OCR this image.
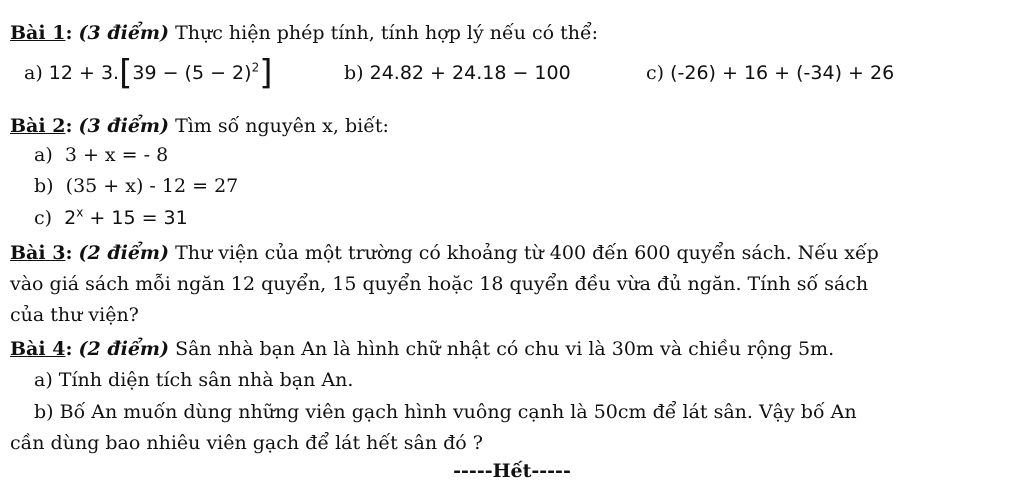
Bài 1: (3 điểm) Thực hiện phép tính, tính hợp lý nếu có thể:
a) $12 + 3.[39 - (5 - 2)^2]$	b) 24.82 + 24.18 − 100	c) (-26) + 16 + (-34) + 26
Bài 2: (3 điểm) Tìm số nguyên x, biết:
a) 3 + x = - 8
b) (35 + x) - 12 = 27
c) $2^x + 15 = 31$
Bài 3: (2 điểm) Thư viện của một trường có khoảng từ 400 đến 600 quyển sách. Nếu xếp
vào giá sách mỗi ngăn 12 quyển, 15 quyển hoặc 18 quyển đều vừa đủ ngăn. Tính số sách
của thư viện?
Bài 4: (2 điểm) Sân nhà bạn An là hình chữ nhật có chu vi là 30m và chiều rộng 5m.
a) Tính diện tích sân nhà bạn An.
b) Bố An muốn dùng những viên gạch hình vuông cạnh là 50cm để lát sân. Vậy bố An
cần dùng bao nhiêu viên gạch để lát hết sân đó ?
-----Hết-----
